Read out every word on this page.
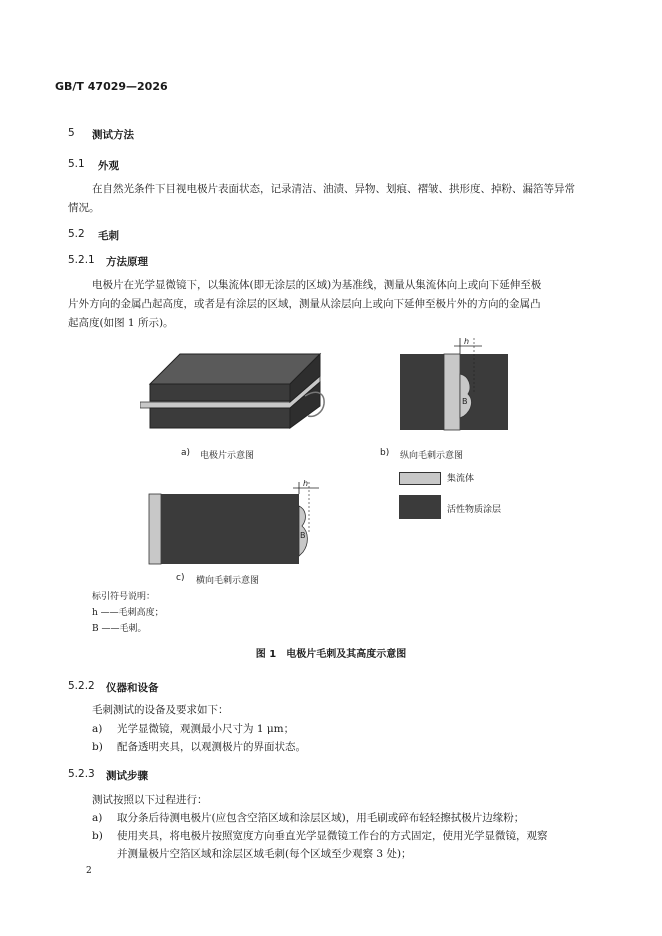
GB/T 47029—2026
5 测试方法
5.1 外观
在自然光条件下目视电极片表面状态，记录清洁、油渍、异物、划痕、褶皱、拱形度、掉粉、漏箔等异常
情况。
5.2 毛刺
5.2.1 方法原理
电极片在光学显微镜下，以集流体(即无涂层的区域)为基准线，测量从集流体向上或向下延伸至极
片外方向的金属凸起高度，或者是有涂层的区域，测量从涂层向上或向下延伸至极片外的方向的金属凸
起高度(如图 1 所示)。
h
B
a) 电极片示意图	b) 纵向毛刺示意图
h
B
集流体
活性物质涂层
c) 横向毛刺示意图
标引符号说明：
h ——毛刺高度；
B ——毛刺。
图 1　电极片毛刺及其高度示意图
5.2.2 仪器和设备
毛刺测试的设备及要求如下：
a) 光学显微镜，观测最小尺寸为 1 μm；
b) 配备透明夹具，以观测极片的界面状态。
5.2.3 测试步骤
测试按照以下过程进行：
a) 取分条后待测电极片(应包含空箔区域和涂层区域)，用毛刷或碎布轻轻擦拭极片边缘粉；
b) 使用夹具，将电极片按照宽度方向垂直光学显微镜工作台的方式固定，使用光学显微镜，观察
并测量极片空箔区域和涂层区域毛刺(每个区域至少观察 3 处)；
2
